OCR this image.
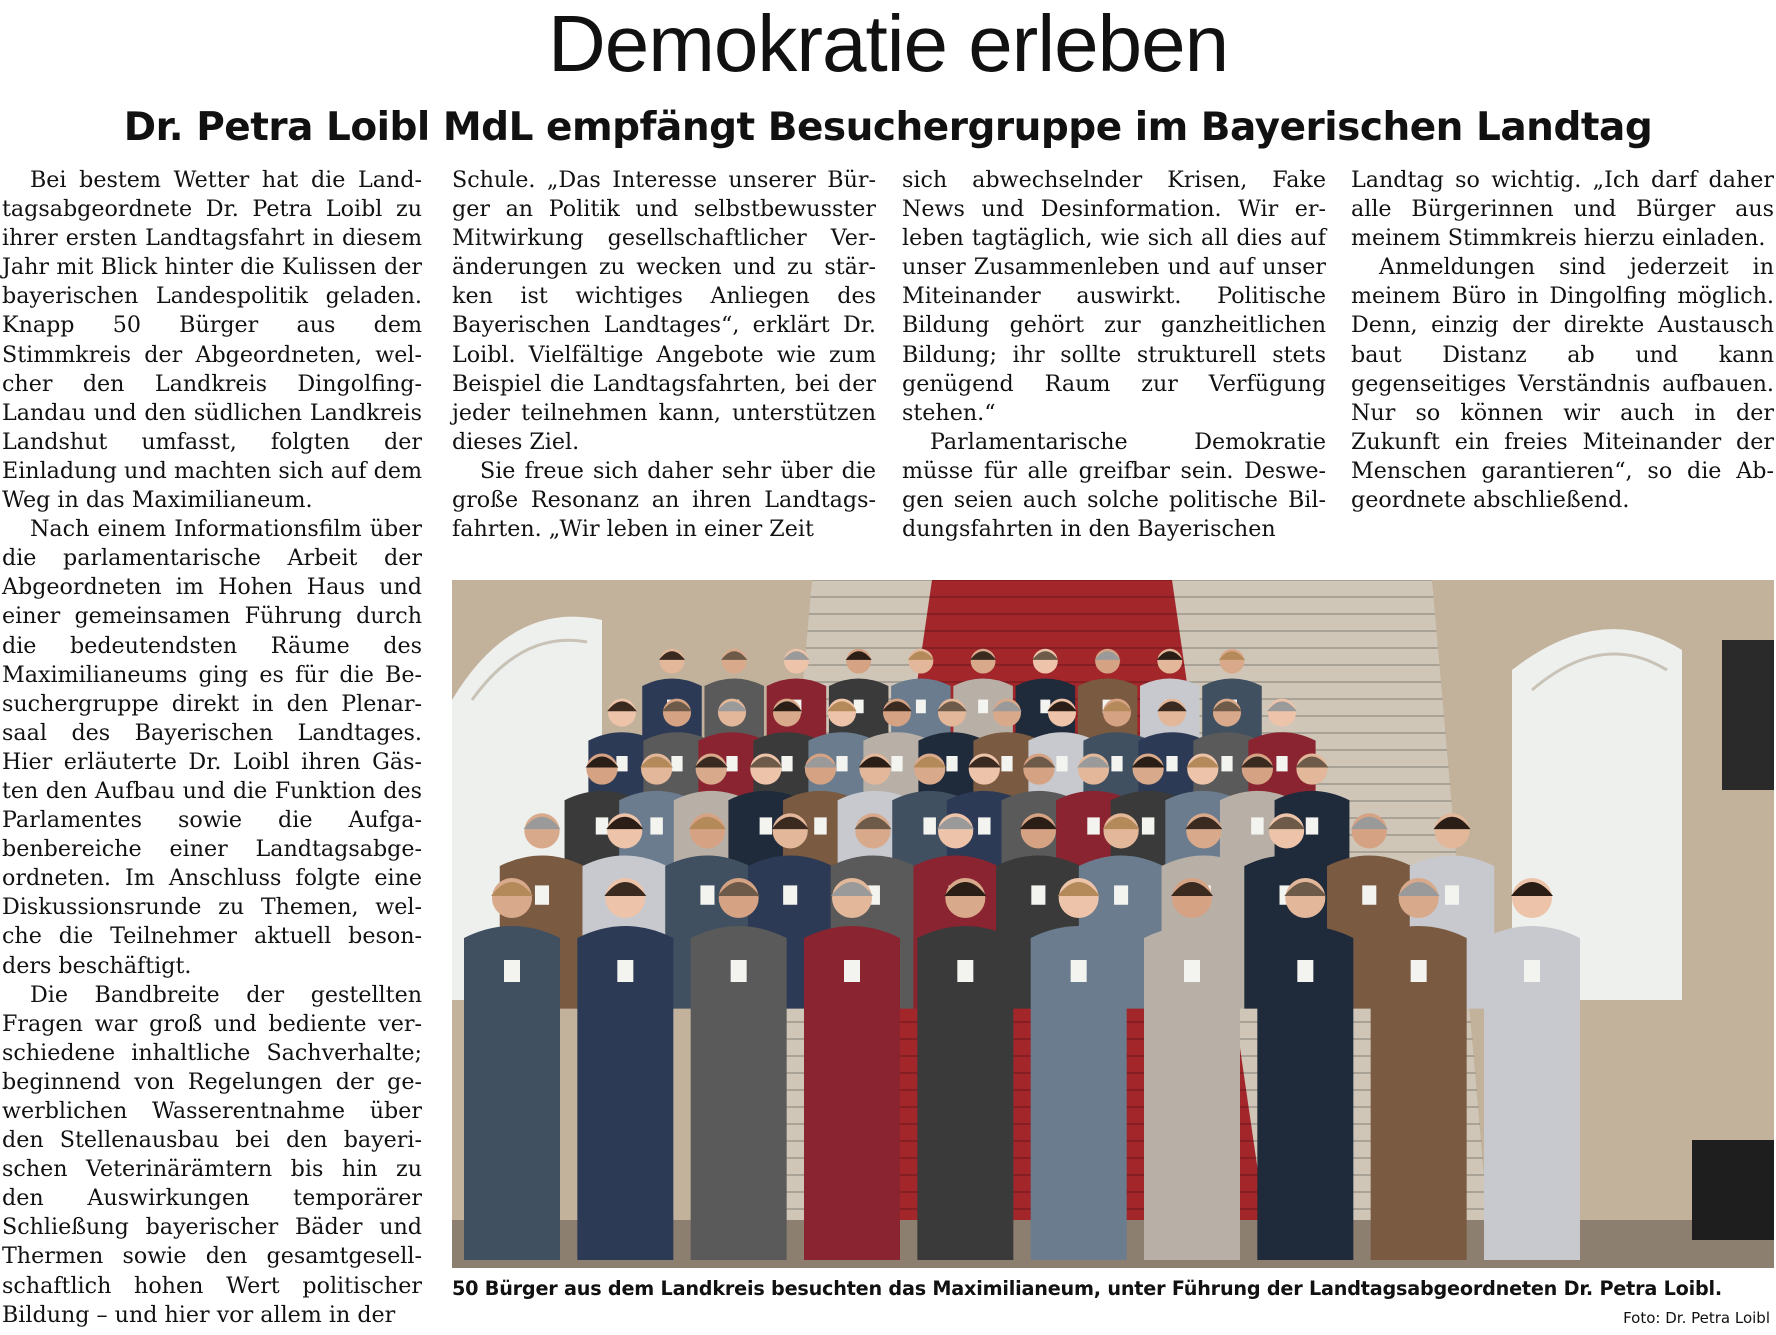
Demokratie erleben
Dr. Petra Loibl MdL empfängt Besuchergruppe im Bayerischen Landtag

Bei bestem Wetter hat die Landtagsabgeordnete Dr. Petra Loibl zu ihrer ersten Landtagsfahrt in diesem Jahr mit Blick hinter die Kulissen der bayerischen Landespolitik geladen. Knapp 50 Bürger aus dem Stimmkreis der Abgeordneten, welcher den Landkreis Dingolfing-Landau und den südlichen Landkreis Landshut umfasst, folgten der Einladung und machten sich auf dem Weg in das Maximilianeum.

Nach einem Informationsfilm über die parlamentarische Arbeit der Abgeordneten im Hohen Haus und einer gemeinsamen Führung durch die bedeutendsten Räume des Maximilianeums ging es für die Besuchergruppe direkt in den Plenarsaal des Bayerischen Landtages. Hier erläuterte Dr. Loibl ihren Gästen den Aufbau und die Funktion des Parlamentes sowie die Aufgabenbereiche einer Landtagsabgeordneten. Im Anschluss folgte eine Diskussionsrunde zu Themen, welche die Teilnehmer aktuell besonders beschäftigt.

Die Bandbreite der gestellten Fragen war groß und bediente verschiedene inhaltliche Sachverhalte; beginnend von Regelungen der gewerblichen Wasserentnahme über den Stellenausbau bei den bayerischen Veterinärämtern bis hin zu den Auswirkungen temporärer Schließung bayerischer Bäder und Thermen sowie den gesamtgesellschaftlich hohen Wert politischer Bildung – und hier vor allem in der

Schule. „Das Interesse unserer Bürger an Politik und selbstbewusster Mitwirkung gesellschaftlicher Veränderungen zu wecken und zu stärken ist wichtiges Anliegen des Bayerischen Landtages“, erklärt Dr. Loibl. Vielfältige Angebote wie zum Beispiel die Landtagsfahrten, bei der jeder teilnehmen kann, unterstützen dieses Ziel.

Sie freue sich daher sehr über die große Resonanz an ihren Landtagsfahrten. „Wir leben in einer Zeit

sich abwechselnder Krisen, Fake News und Desinformation. Wir erleben tagtäglich, wie sich all dies auf unser Zusammenleben und auf unser Miteinander auswirkt. Politische Bildung gehört zur ganzheitlichen Bildung; ihr sollte strukturell stets genügend Raum zur Verfügung stehen.“

Parlamentarische Demokratie müsse für alle greifbar sein. Deswegen seien auch solche politische Bildungsfahrten in den Bayerischen

Landtag so wichtig. „Ich darf daher alle Bürgerinnen und Bürger aus meinem Stimmkreis hierzu einladen.

Anmeldungen sind jederzeit in meinem Büro in Dingolfing möglich. Denn, einzig der direkte Austausch baut Distanz ab und kann gegenseitiges Verständnis aufbauen. Nur so können wir auch in der Zukunft ein freies Miteinander der Menschen garantieren“, so die Abgeordnete abschließend.

50 Bürger aus dem Landkreis besuchten das Maximilianeum, unter Führung der Landtagsabgeordneten Dr. Petra Loibl.
Foto: Dr. Petra Loibl
